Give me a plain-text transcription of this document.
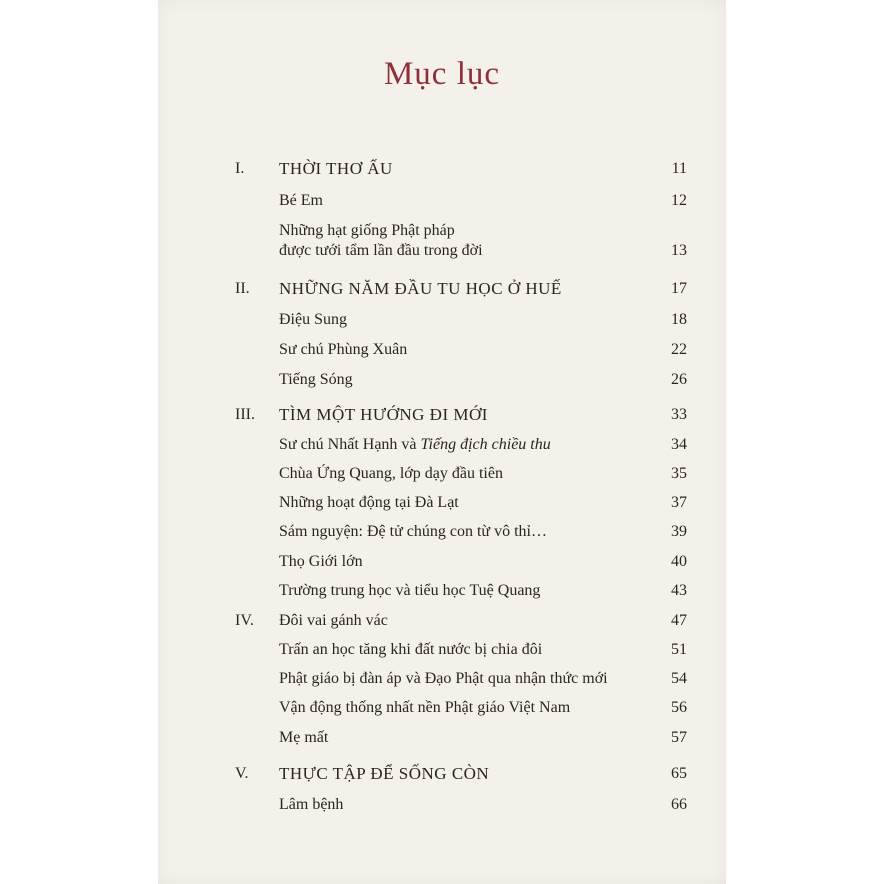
Mục lục
I. THỜI THƠ ẤU	11
Bé Em	12
Những hạt giống Phật pháp
được tưới tẩm lần đầu trong đời	13
II. NHỮNG NĂM ĐẦU TU HỌC Ở HUẾ	17
Điệu Sung	18
Sư chú Phùng Xuân	22
Tiếng Sóng	26
III. TÌM MỘT HƯỚNG ĐI MỚI	33
Sư chú Nhất Hạnh và Tiếng địch chiều thu	34
Chùa Ứng Quang, lớp dạy đầu tiên	35
Những hoạt động tại Đà Lạt	37
Sám nguyện: Đệ tử chúng con từ vô thỉ…	39
Thọ Giới lớn	40
Trường trung học và tiểu học Tuệ Quang	43
IV. Đôi vai gánh vác	47
Trấn an học tăng khi đất nước bị chia đôi	51
Phật giáo bị đàn áp và Đạo Phật qua nhận thức mới	54
Vận động thống nhất nền Phật giáo Việt Nam	56
Mẹ mất	57
V. THỰC TẬP ĐỂ SỐNG CÒN	65
Lâm bệnh	66
